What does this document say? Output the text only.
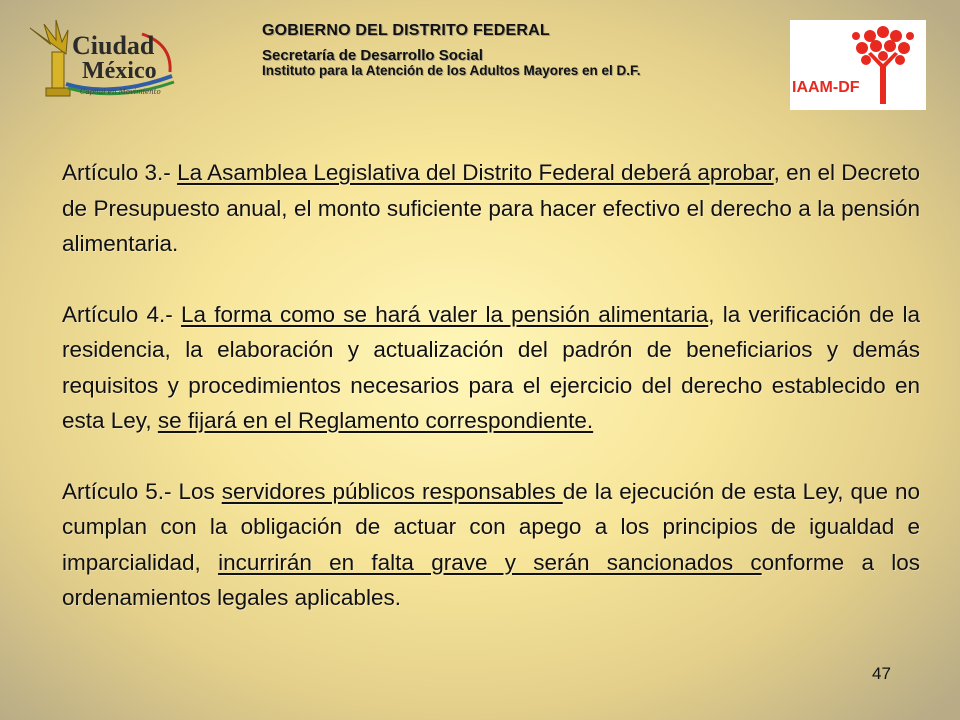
Ciudad
México
Capital en Movimiento
GOBIERNO DEL DISTRITO FEDERAL
Secretaría de Desarrollo Social
Instituto para la Atención de los Adultos Mayores en el D.F.
IAAM-DF

Artículo 3.- La Asamblea Legislativa del Distrito Federal deberá aprobar, en el Decreto de Presupuesto anual, el monto suficiente para hacer efectivo el derecho a la pensión alimentaria.

Artículo 4.- La forma como se hará valer la pensión alimentaria, la verificación de la residencia, la elaboración y actualización del padrón de beneficiarios y demás requisitos y procedimientos necesarios para el ejercicio del derecho establecido en esta Ley, se fijará en el Reglamento correspondiente.

Artículo 5.- Los servidores públicos responsables de la ejecución de esta Ley, que no cumplan con la obligación de actuar con apego a los principios de igualdad e imparcialidad, incurrirán en falta grave y serán sancionados conforme a los ordenamientos legales aplicables.

47
